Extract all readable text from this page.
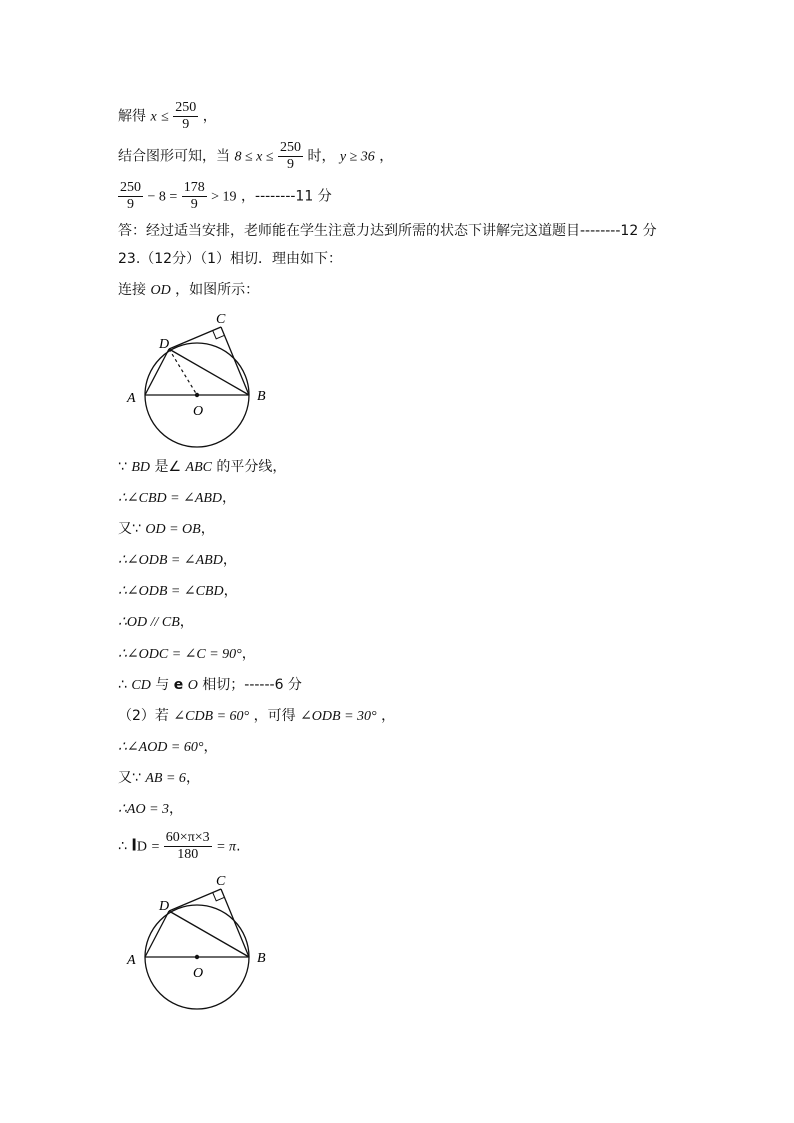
解得 $x \le \frac{250}{9}$ ，
结合图形可知，当 $8 \le x \le \frac{250}{9}$ 时， y ≥ 36 ，
$\frac{250}{9} - 8 = \frac{178}{9} > 19$ ，--------11 分
答：经过适当安排，老师能在学生注意力达到所需的状态下讲解完这道题目--------12 分
23.（12分）（1）相切．理由如下：
连接 OD ，如图所示：
A	B
C
D
O
∵ BD 是∠ ABC 的平分线，
∴∠CBD = ∠ABD，
又∵ OD = OB，
∴∠ODB = ∠ABD，
∴∠ODB = ∠CBD，
∴OD // CB，
∴∠ODC = ∠C = 90°，
∴ CD 与 e O 相切；------6 分
（2）若 ∠CDB = 60° ，可得 ∠ODB = 30° ，
∴∠AOD = 60°，
又∵ AB = 6，
∴AO = 3，
∴ lD = $\frac{60\times\pi\times 3}{180} = \pi$.
A	B
C
D
O
